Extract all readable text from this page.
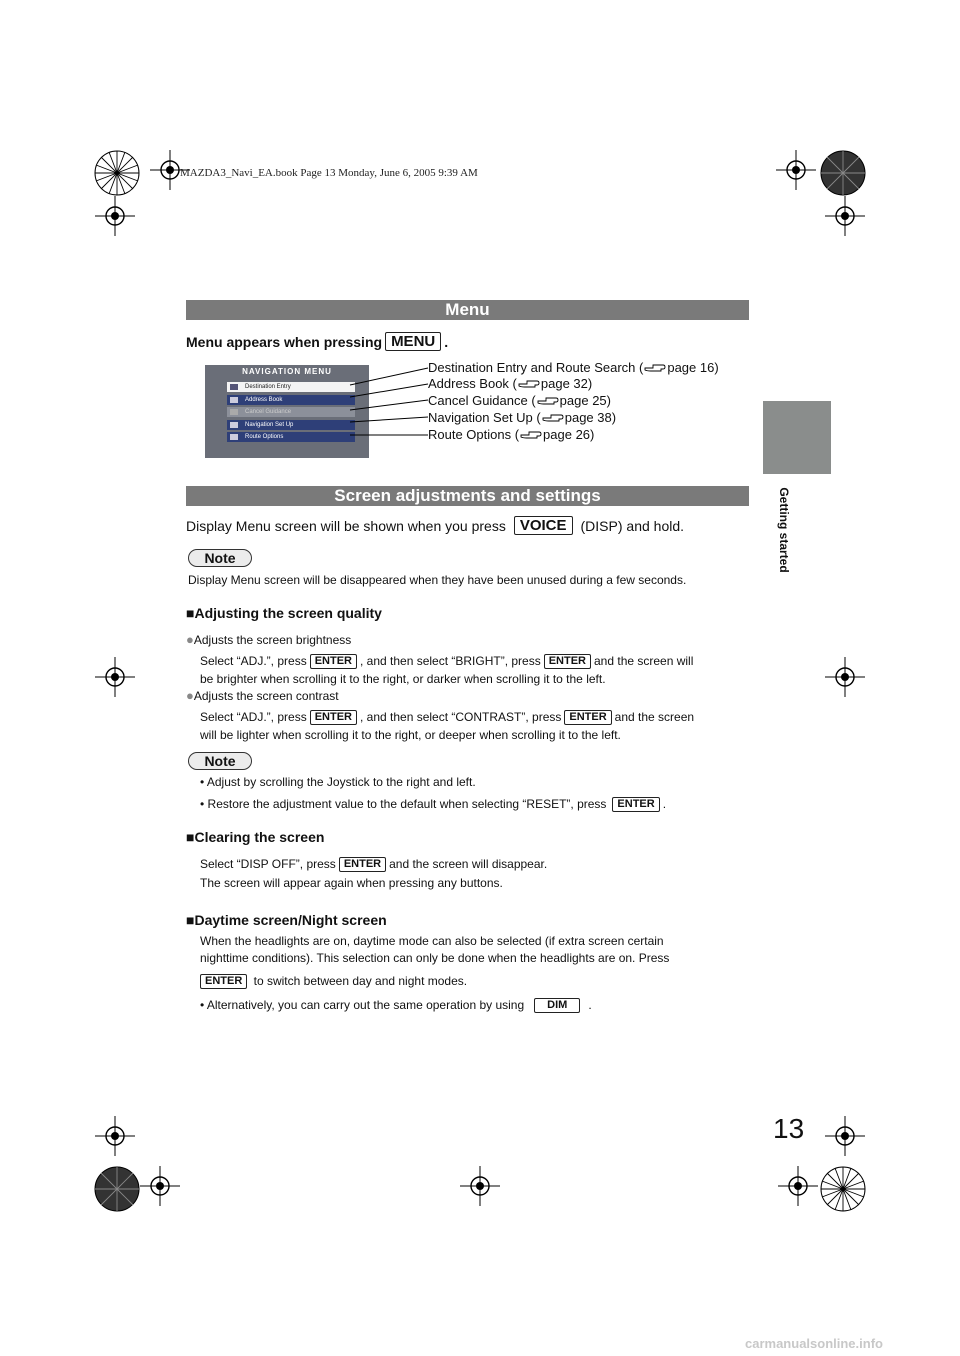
MAZDA3_Navi_EA.book Page 13 Monday, June 6, 2005 9:39 AM
Getting started
Menu
Menu appears when pressing MENU .
NAVIGATION MENU
Destination Entry
Address Book
Cancel Guidance
Navigation Set Up
Route Options
Destination Entry and Route Search ( page 16)
Address Book ( page 32)
Cancel Guidance ( page 25)
Navigation Set Up ( page 38)
Route Options ( page 26)
Screen adjustments and settings
Display Menu screen will be shown when you press VOICE (DISP) and hold.
Note
Display Menu screen will be disappeared when they have been unused during a few seconds.
■Adjusting the screen quality
●Adjusts the screen brightness
Select “ADJ.”, press ENTER , and then select “BRIGHT”, press ENTER and the screen will
be brighter when scrolling it to the right, or darker when scrolling it to the left.
●Adjusts the screen contrast
Select “ADJ.”, press ENTER , and then select “CONTRAST”, press ENTER and the screen
will be lighter when scrolling it to the right, or deeper when scrolling it to the left.
Note
• Adjust by scrolling the Joystick to the right and left.
• Restore the adjustment value to the default when selecting “RESET”, press ENTER .
■Clearing the screen
Select “DISP OFF”, press ENTER and the screen will disappear.
The screen will appear again when pressing any buttons.
■Daytime screen/Night screen
When the headlights are on, daytime mode can also be selected (if extra screen certain
nighttime conditions). This selection can only be done when the headlights are on. Press
ENTER to switch between day and night modes.
• Alternatively, you can carry out the same operation by using DIM .
13
carmanualsonline.info
